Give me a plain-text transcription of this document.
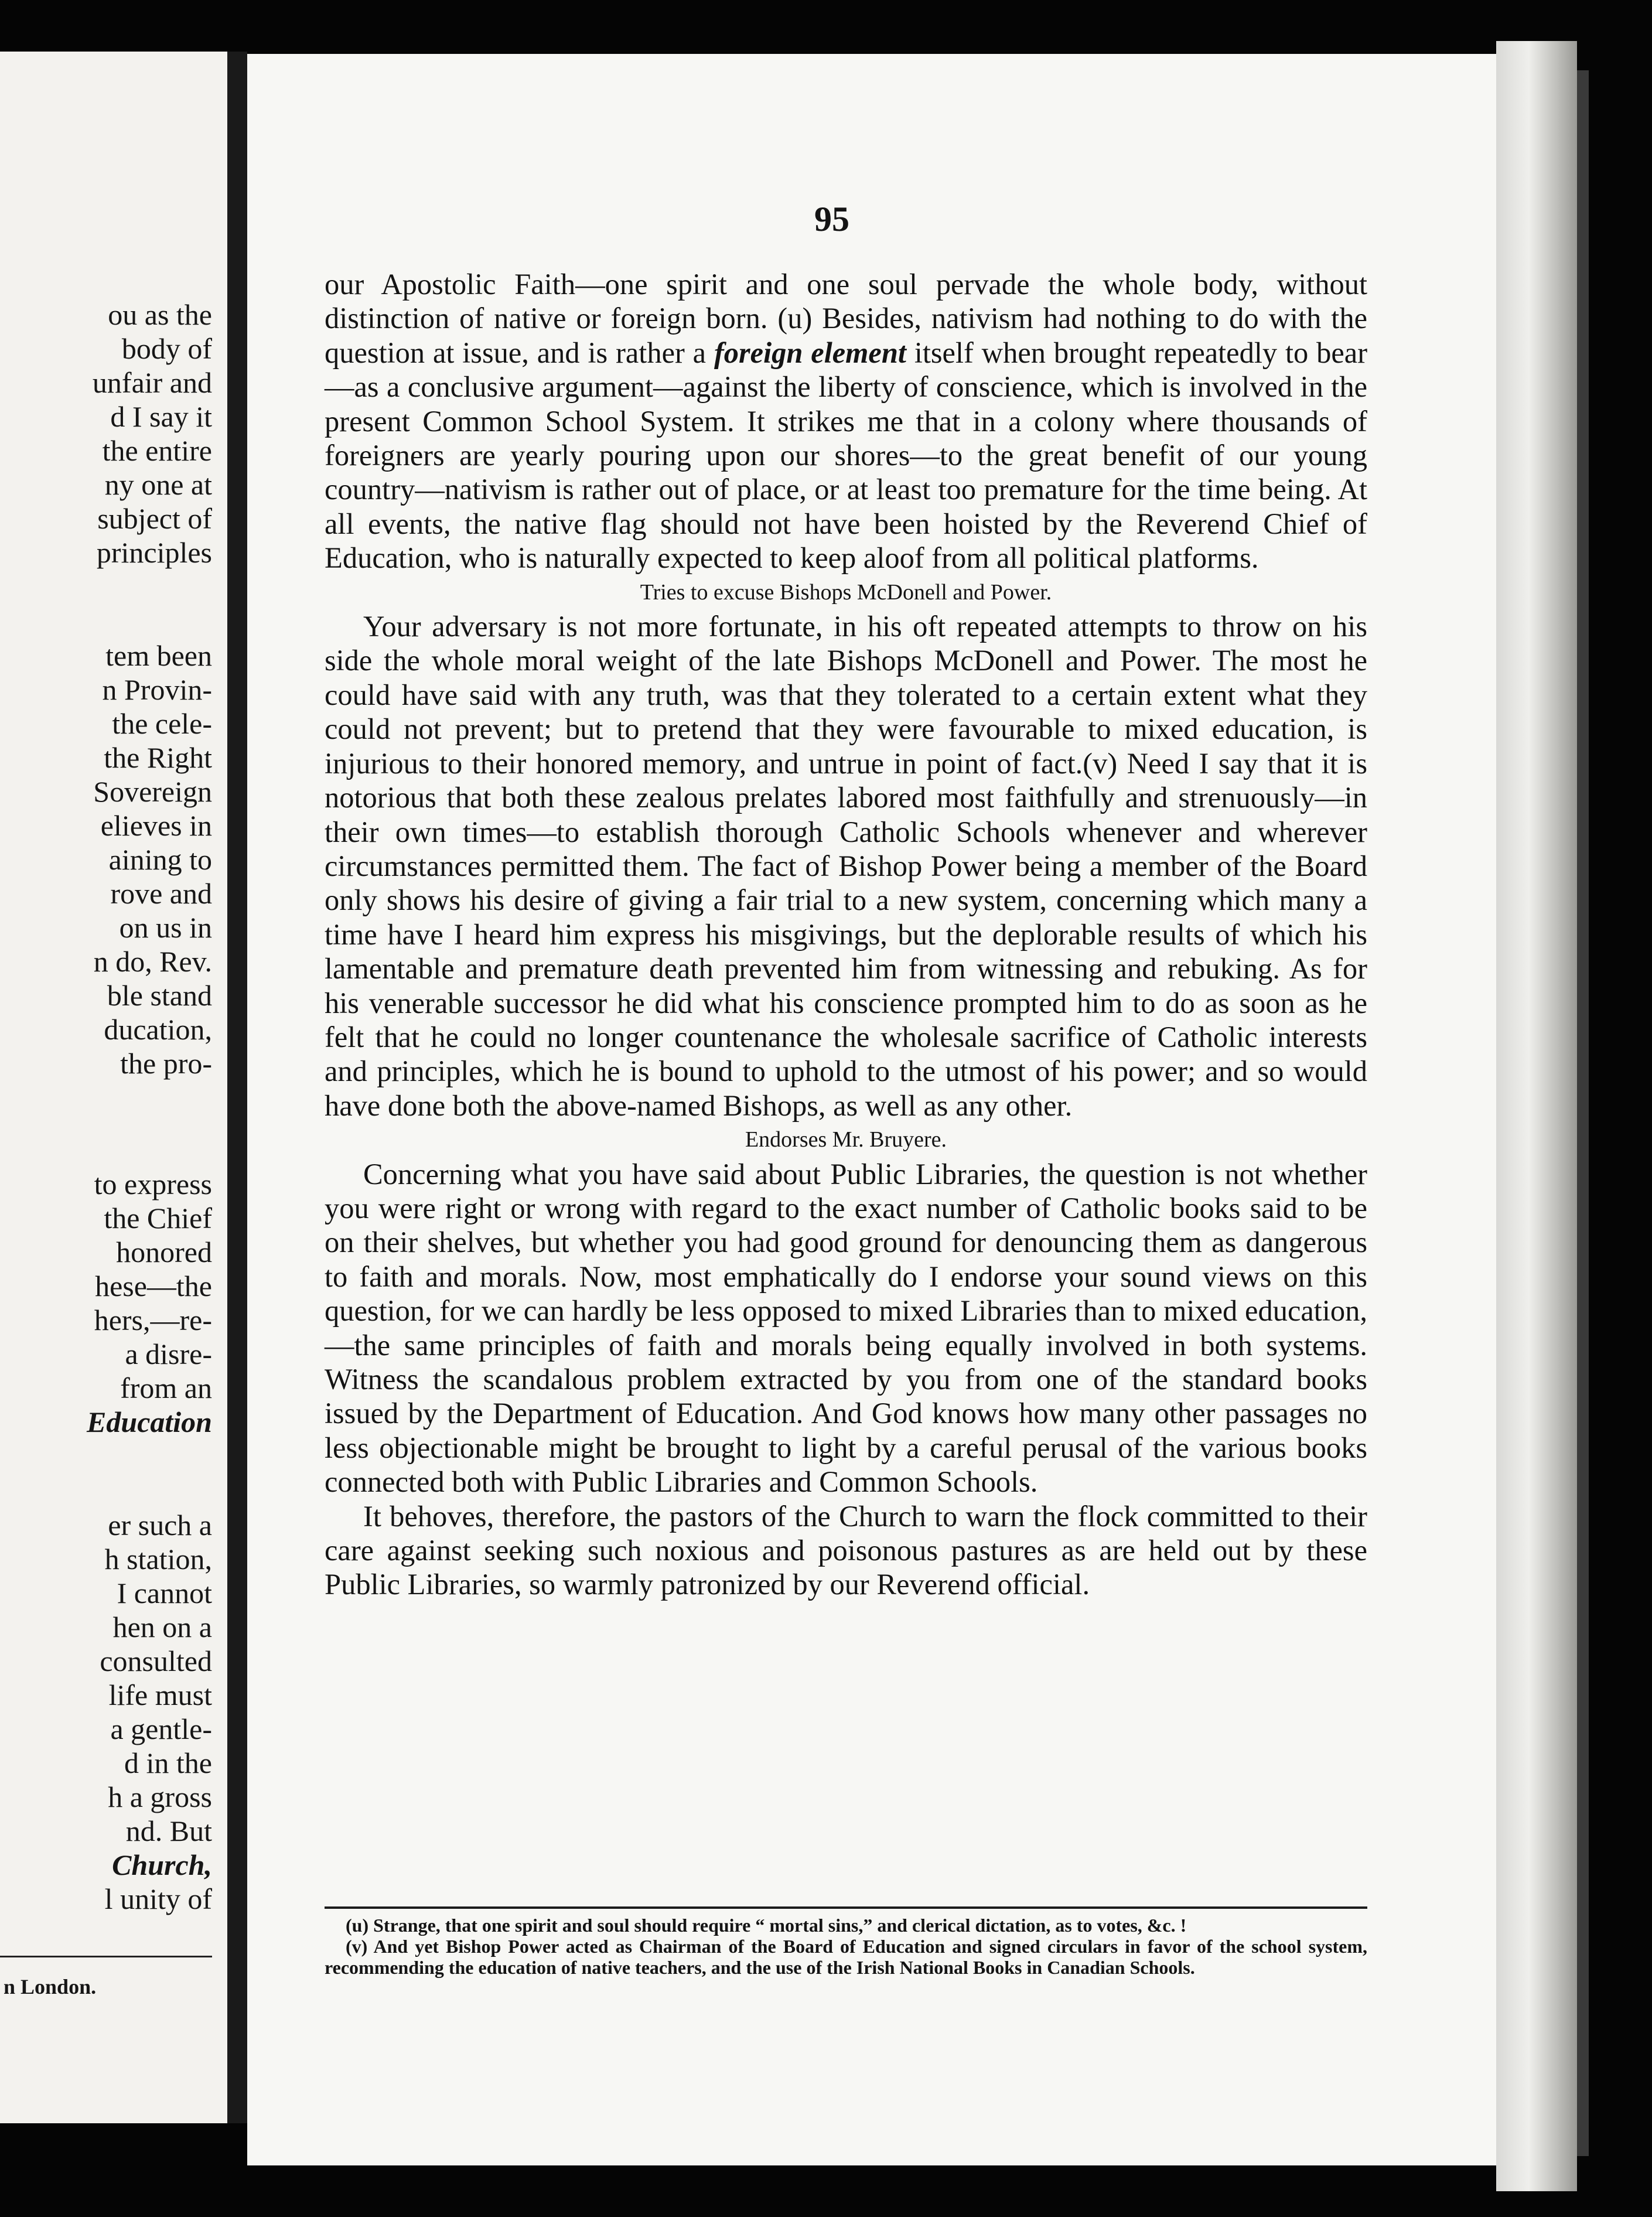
n London.

ou as the

body of

unfair and

d I say it

the entire

ny one at

subject of

principles

tem been

n Provin-

the cele-

the Right

Sovereign

elieves in

aining to

rove and

on us in

n do, Rev.

ble stand

ducation,

the pro-

to express

the Chief

honored

hese—the

hers,—re-

a disre-

from an

Education

er such a

h station,

I cannot

hen on a

consulted

life must

a gentle-

d in the

h a gross

nd. But

Church,

l unity of

95

our Apostolic Faith—one spirit and one soul pervade the whole body, without distinction of native or foreign born. (u) Besides, nativism had nothing to do with the question at issue, and is rather a foreign element itself when brought repeatedly to bear—as a conclusive argument—against the liberty of conscience, which is involved in the present Common School System. It strikes me that in a colony where thousands of foreigners are yearly pouring upon our shores—to the great benefit of our young country—nativism is rather out of place, or at least too premature for the time being. At all events, the native flag should not have been hoisted by the Reverend Chief of Education, who is naturally expected to keep aloof from all political platforms.

Tries to excuse Bishops McDonell and Power.

Your adversary is not more fortunate, in his oft repeated attempts to throw on his side the whole moral weight of the late Bishops McDonell and Power. The most he could have said with any truth, was that they tolerated to a certain extent what they could not prevent; but to pretend that they were favourable to mixed education, is injurious to their honored memory, and untrue in point of fact.(v) Need I say that it is notorious that both these zealous prelates labored most faithfully and strenuously—in their own times—to establish thorough Catholic Schools whenever and wherever circumstances permitted them. The fact of Bishop Power being a member of the Board only shows his desire of giving a fair trial to a new system, concerning which many a time have I heard him express his misgivings, but the deplorable results of which his lamentable and premature death prevented him from witnessing and rebuking. As for his venerable successor he did what his conscience prompted him to do as soon as he felt that he could no longer countenance the wholesale sacrifice of Catholic interests and principles, which he is bound to uphold to the utmost of his power; and so would have done both the above-named Bishops, as well as any other.

Endorses Mr. Bruyere.

Concerning what you have said about Public Libraries, the question is not whether you were right or wrong with regard to the exact number of Catholic books said to be on their shelves, but whether you had good ground for denouncing them as dangerous to faith and morals. Now, most emphatically do I endorse your sound views on this question, for we can hardly be less opposed to mixed Libraries than to mixed education,—the same principles of faith and morals being equally involved in both systems. Witness the scandalous problem extracted by you from one of the standard books issued by the Department of Education. And God knows how many other passages no less objectionable might be brought to light by a careful perusal of the various books connected both with Public Libraries and Common Schools.

It behoves, therefore, the pastors of the Church to warn the flock committed to their care against seeking such noxious and poisonous pastures as are held out by these Public Libraries, so warmly patronized by our Reverend official.

(u) Strange, that one spirit and soul should require “ mortal sins,” and clerical dictation, as to votes, &c. !

(v) And yet Bishop Power acted as Chairman of the Board of Education and signed circulars in favor of the school system, recommending the education of native teachers, and the use of the Irish National Books in Canadian Schools.
